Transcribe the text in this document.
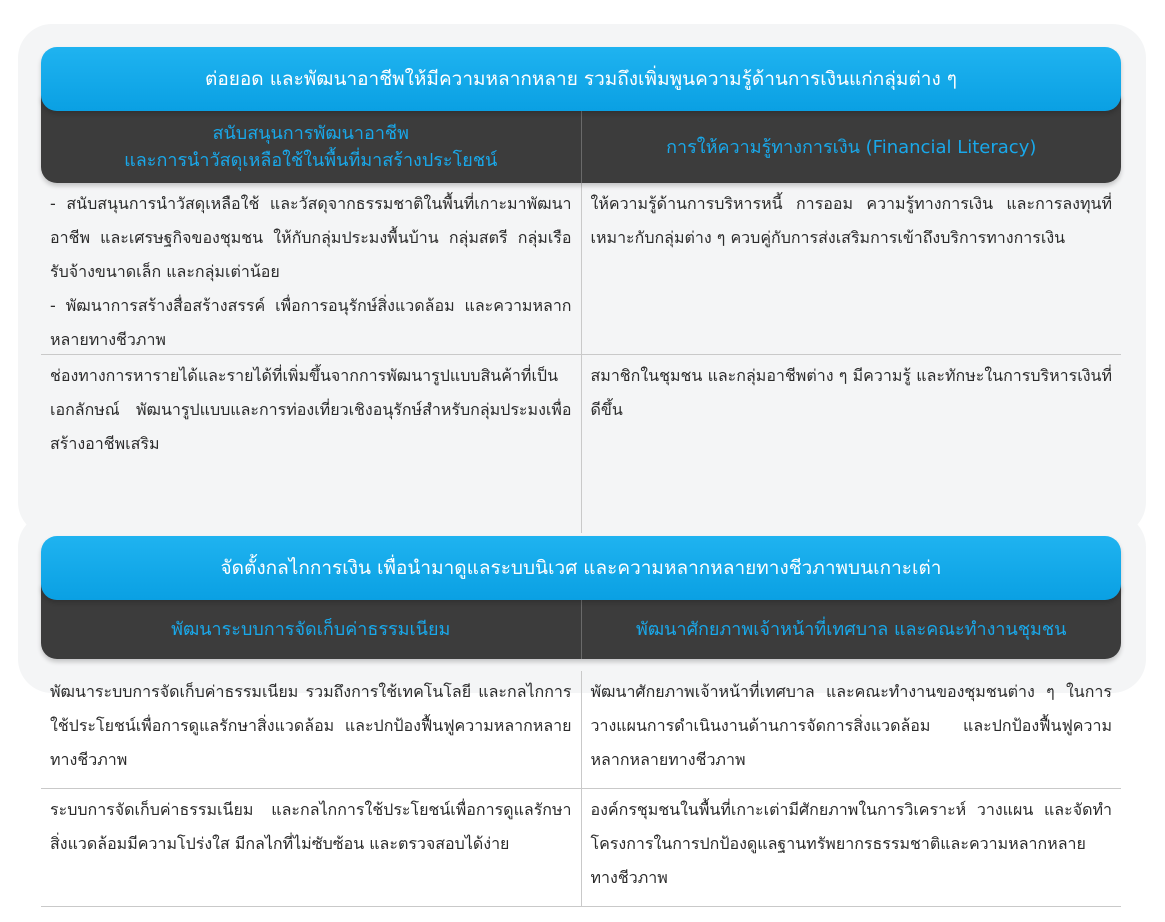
ต่อยอด และพัฒนาอาชีพให้มีความหลากหลาย รวมถึงเพิ่มพูนความรู้ด้านการเงินแก่กลุ่มต่าง ๆ
สนับสนุนการพัฒนาอาชีพ
และการนำวัสดุเหลือใช้ในพื้นที่มาสร้างประโยชน์
การให้ความรู้ทางการเงิน (Financial Literacy)
- สนับสนุนการนำวัสดุเหลือใช้ และวัสดุจากธรรมชาติในพื้นที่เกาะมาพัฒนาอาชีพ และเศรษฐกิจของชุมชน ให้กับกลุ่มประมงพื้นบ้าน กลุ่มสตรี กลุ่มเรือรับจ้างขนาดเล็ก และกลุ่มเต่าน้อย
- พัฒนาการสร้างสื่อสร้างสรรค์ เพื่อการอนุรักษ์สิ่งแวดล้อม และความหลากหลายทางชีวภาพ
ให้ความรู้ด้านการบริหารหนี้ การออม ความรู้ทางการเงิน และการลงทุนที่เหมาะกับกลุ่มต่าง ๆ ควบคู่กับการส่งเสริมการเข้าถึงบริการทางการเงิน
ช่องทางการหารายได้และรายได้ที่เพิ่มขึ้นจากการพัฒนารูปแบบสินค้าที่เป็นเอกลักษณ์ พัฒนารูปแบบและการท่องเที่ยวเชิงอนุรักษ์สำหรับกลุ่มประมงเพื่อสร้างอาชีพเสริม
สมาชิกในชุมชน และกลุ่มอาชีพต่าง ๆ มีความรู้ และทักษะในการบริหารเงินที่ดีขึ้น
จัดตั้งกลไกการเงิน เพื่อนำมาดูแลระบบนิเวศ และความหลากหลายทางชีวภาพบนเกาะเต่า
พัฒนาระบบการจัดเก็บค่าธรรมเนียม	พัฒนาศักยภาพเจ้าหน้าที่เทศบาล และคณะทำงานชุมชน
พัฒนาระบบการจัดเก็บค่าธรรมเนียม รวมถึงการใช้เทคโนโลยี และกลไกการใช้ประโยชน์เพื่อการดูแลรักษาสิ่งแวดล้อม และปกป้องฟื้นฟูความหลากหลายทางชีวภาพ
พัฒนาศักยภาพเจ้าหน้าที่เทศบาล และคณะทำงานของชุมชนต่าง ๆ ในการวางแผนการดำเนินงานด้านการจัดการสิ่งแวดล้อม และปกป้องฟื้นฟูความหลากหลายทางชีวภาพ
ระบบการจัดเก็บค่าธรรมเนียม และกลไกการใช้ประโยชน์เพื่อการดูแลรักษาสิ่งแวดล้อมมีความโปร่งใส มีกลไกที่ไม่ซับซ้อน และตรวจสอบได้ง่าย
องค์กรชุมชนในพื้นที่เกาะเต่ามีศักยภาพในการวิเคราะห์ วางแผน และจัดทำโครงการในการปกป้องดูแลฐานทรัพยากรธรรมชาติและความหลากหลายทางชีวภาพ
